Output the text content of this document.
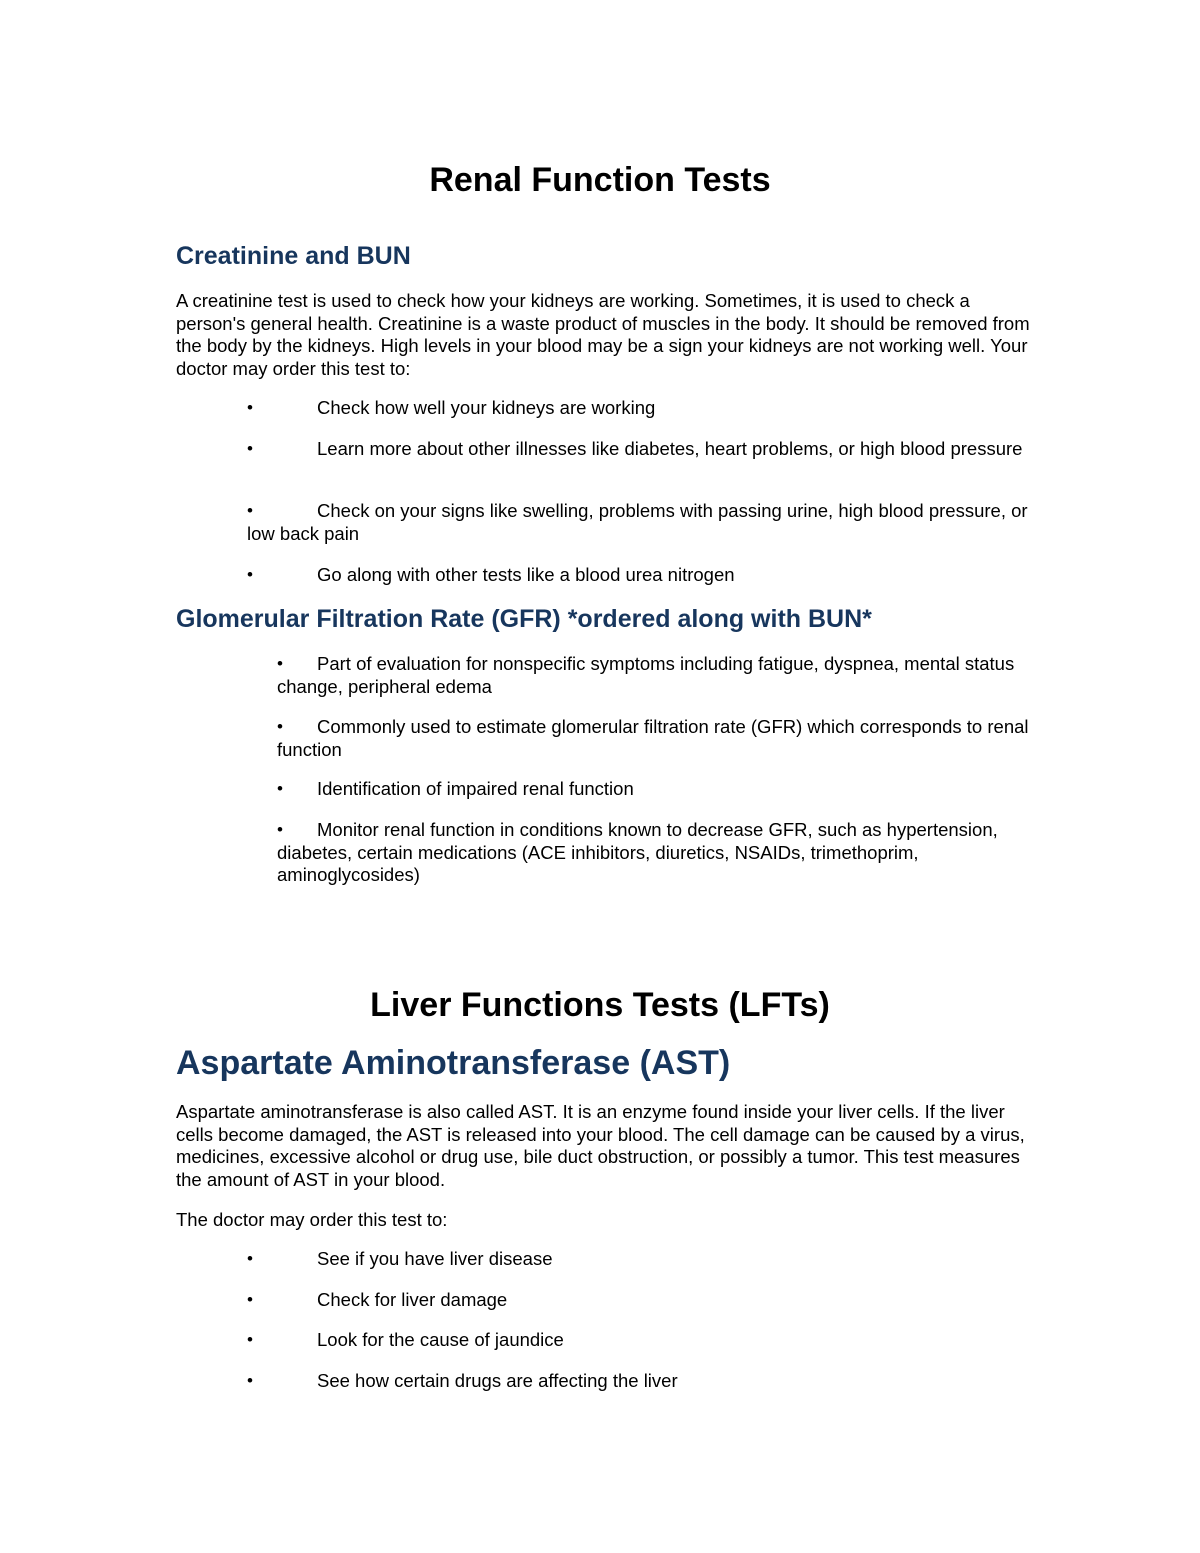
Renal Function Tests
Creatinine and BUN

A creatinine test is used to check how your kidneys are working. Sometimes, it is used to check a person's general health. Creatinine is a waste product of muscles in the body. It should be removed from the body by the kidneys. High levels in your blood may be a sign your kidneys are not working well. Your doctor may order this test to:

•	Check how well your kidneys are working
•	Learn more about other illnesses like diabetes, heart problems, or high blood pressure
•	Check on your signs like swelling, problems with passing urine, high blood pressure, or low back pain
•	Go along with other tests like a blood urea nitrogen
Glomerular Filtration Rate (GFR) *ordered along with BUN*
•	Part of evaluation for nonspecific symptoms including fatigue, dyspnea, mental status change, peripheral edema
•	Commonly used to estimate glomerular filtration rate (GFR) which corresponds to renal function
•	Identification of impaired renal function
•	Monitor renal function in conditions known to decrease GFR, such as hypertension, diabetes, certain medications (ACE inhibitors, diuretics, NSAIDs, trimethoprim, aminoglycosides)
Liver Functions Tests (LFTs)
Aspartate Aminotransferase (AST)

Aspartate aminotransferase is also called AST. It is an enzyme found inside your liver cells. If the liver cells become damaged, the AST is released into your blood. The cell damage can be caused by a virus, medicines, excessive alcohol or drug use, bile duct obstruction, or possibly a tumor. This test measures the amount of AST in your blood.

The doctor may order this test to:

•	See if you have liver disease
•	Check for liver damage
•	Look for the cause of jaundice
•	See how certain drugs are affecting the liver
